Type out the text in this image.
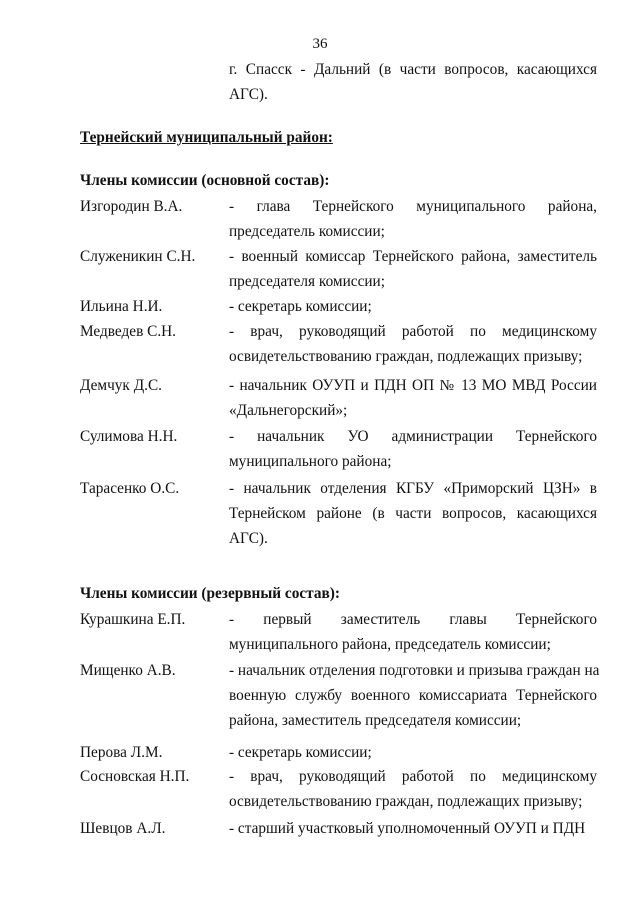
36
г. Спасск - Дальний (в части вопросов, касающихся
АГС).
Тернейский муниципальный район:
Члены комиссии (основной состав):
Изгородин В.А.	- глава Тернейского муниципального района,
председатель комиссии;
Служеникин С.Н. - военный комиссар Тернейского района, заместитель
председателя комиссии;
Ильина Н.И.	- секретарь комиссии;
Медведев С.Н.	- врач, руководящий работой по медицинскому
освидетельствованию граждан, подлежащих призыву;
Демчук Д.С.	- начальник ОУУП и ПДН ОП № 13 МО МВД России
«Дальнегорский»;
Сулимова Н.Н.	- начальник УО администрации Тернейского
муниципального района;
Тарасенко О.С.	- начальник отделения КГБУ «Приморский ЦЗН» в
Тернейском районе (в части вопросов, касающихся
АГС).
Члены комиссии (резервный состав):
Курашкина Е.П.	- первый заместитель главы Тернейского
муниципального района, председатель комиссии;
Мищенко А.В.	- начальник отделения подготовки и призыва граждан на
военную службу военного комиссариата Тернейского
района, заместитель председателя комиссии;
Перова Л.М.	- секретарь комиссии;
Сосновская Н.П.	- врач, руководящий работой по медицинскому
освидетельствованию граждан, подлежащих призыву;
Шевцов А.Л.	- старший участковый уполномоченный ОУУП и ПДН
